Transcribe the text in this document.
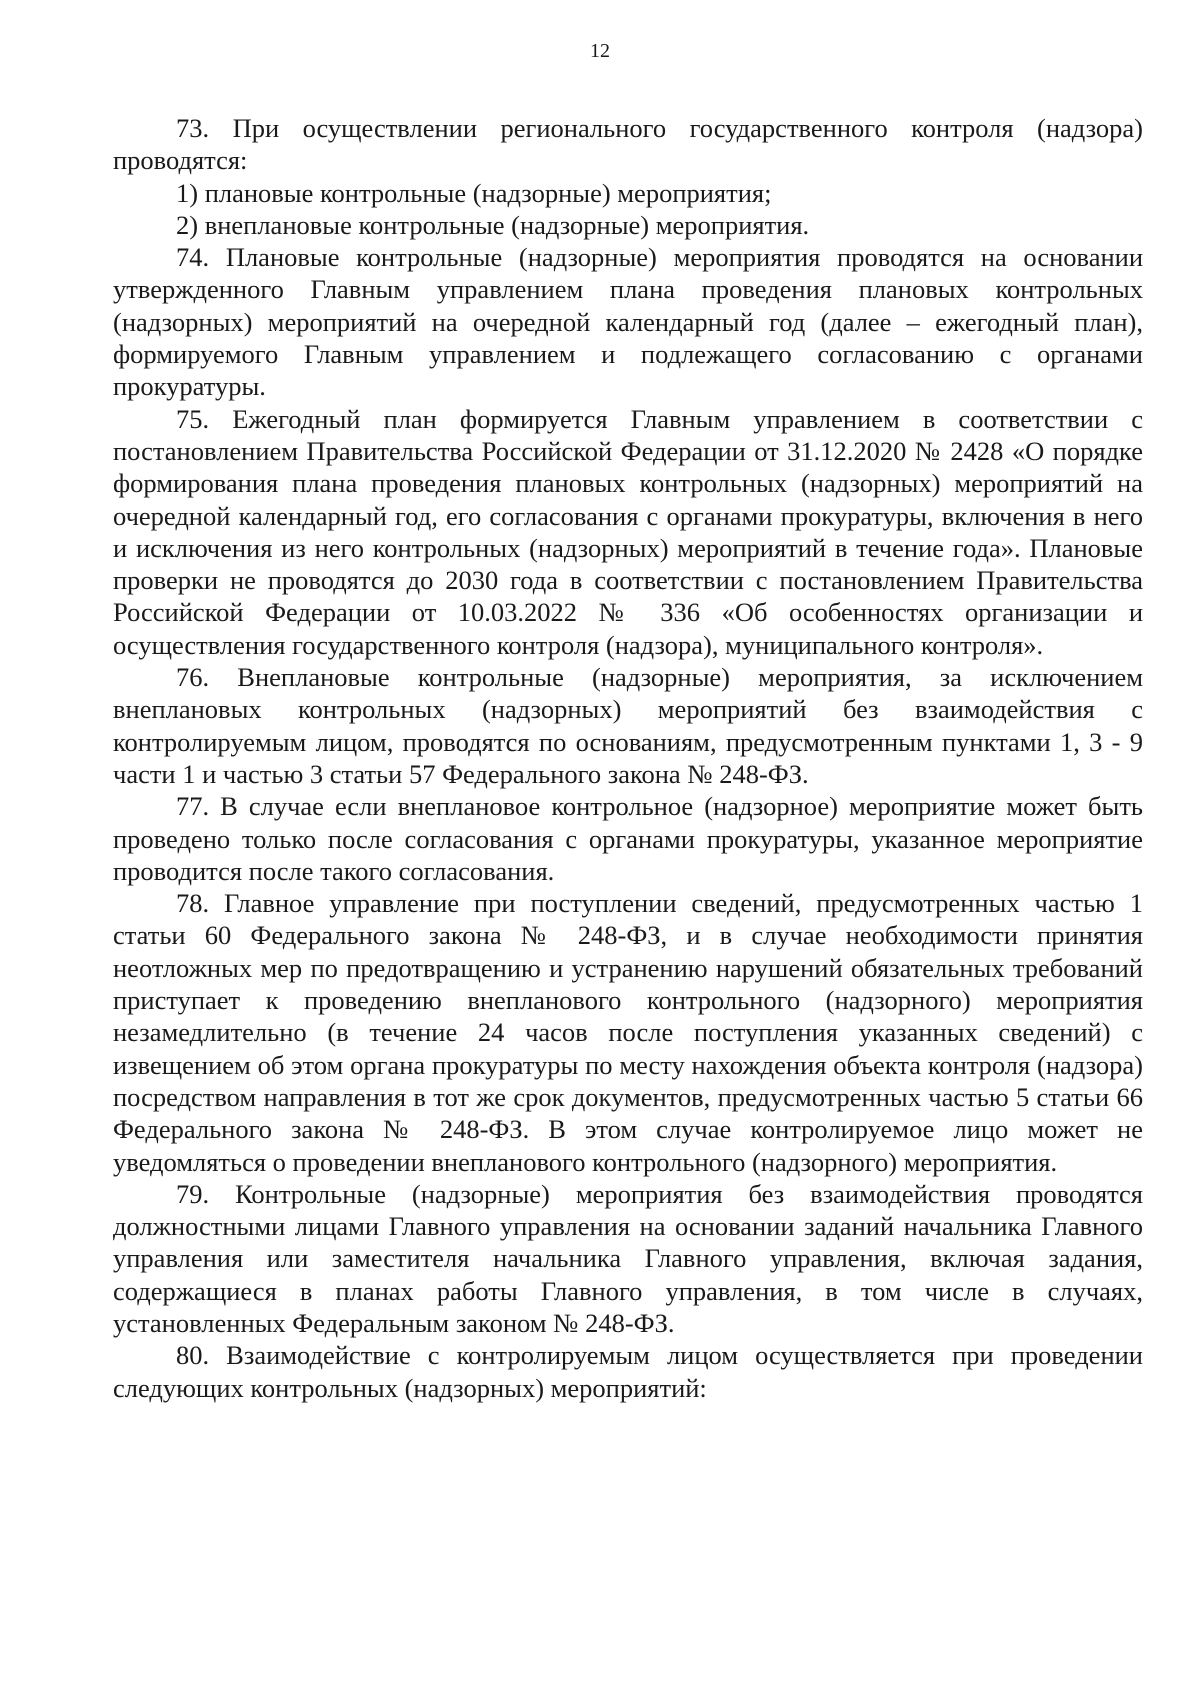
12

73. При осуществлении регионального государственного контроля (надзора) проводятся:

1) плановые контрольные (надзорные) мероприятия;

2) внеплановые контрольные (надзорные) мероприятия.

74. Плановые контрольные (надзорные) мероприятия проводятся на основании утвержденного Главным управлением плана проведения плановых контрольных (надзорных) мероприятий на очередной календарный год (далее – ежегодный план), формируемого Главным управлением и подлежащего согласованию с органами прокуратуры.

75. Ежегодный план формируется Главным управлением в соответствии с постановлением Правительства Российской Федерации от 31.12.2020 № 2428 «О порядке формирования плана проведения плановых контрольных (надзорных) мероприятий на очередной календарный год, его согласования с органами прокуратуры, включения в него и исключения из него контрольных (надзорных) мероприятий в течение года». Плановые проверки не проводятся до 2030 года в соответствии с постановлением Правительства Российской Федерации от 10.03.2022 № 336 «Об особенностях организации и осуществления государственного контроля (надзора), муниципального контроля».

76. Внеплановые контрольные (надзорные) мероприятия, за исключением внеплановых контрольных (надзорных) мероприятий без взаимодействия с контролируемым лицом, проводятся по основаниям, предусмотренным пунктами 1, 3 - 9 части 1 и частью 3 статьи 57 Федерального закона № 248-ФЗ.

77. В случае если внеплановое контрольное (надзорное) мероприятие может быть проведено только после согласования с органами прокуратуры, указанное мероприятие проводится после такого согласования.

78. Главное управление при поступлении сведений, предусмотренных частью 1 статьи 60 Федерального закона № 248-ФЗ, и в случае необходимости принятия неотложных мер по предотвращению и устранению нарушений обязательных требований приступает к проведению внепланового контрольного (надзорного) мероприятия незамедлительно (в течение 24 часов после поступления указанных сведений) с извещением об этом органа прокуратуры по месту нахождения объекта контроля (надзора) посредством направления в тот же срок документов, предусмотренных частью 5 статьи 66 Федерального закона № 248-ФЗ. В этом случае контролируемое лицо может не уведомляться о проведении внепланового контрольного (надзорного) мероприятия.

79. Контрольные (надзорные) мероприятия без взаимодействия проводятся должностными лицами Главного управления на основании заданий начальника Главного управления или заместителя начальника Главного управления, включая задания, содержащиеся в планах работы Главного управления, в том числе в случаях, установленных Федеральным законом № 248-ФЗ.

80. Взаимодействие с контролируемым лицом осуществляется при проведении следующих контрольных (надзорных) мероприятий:
